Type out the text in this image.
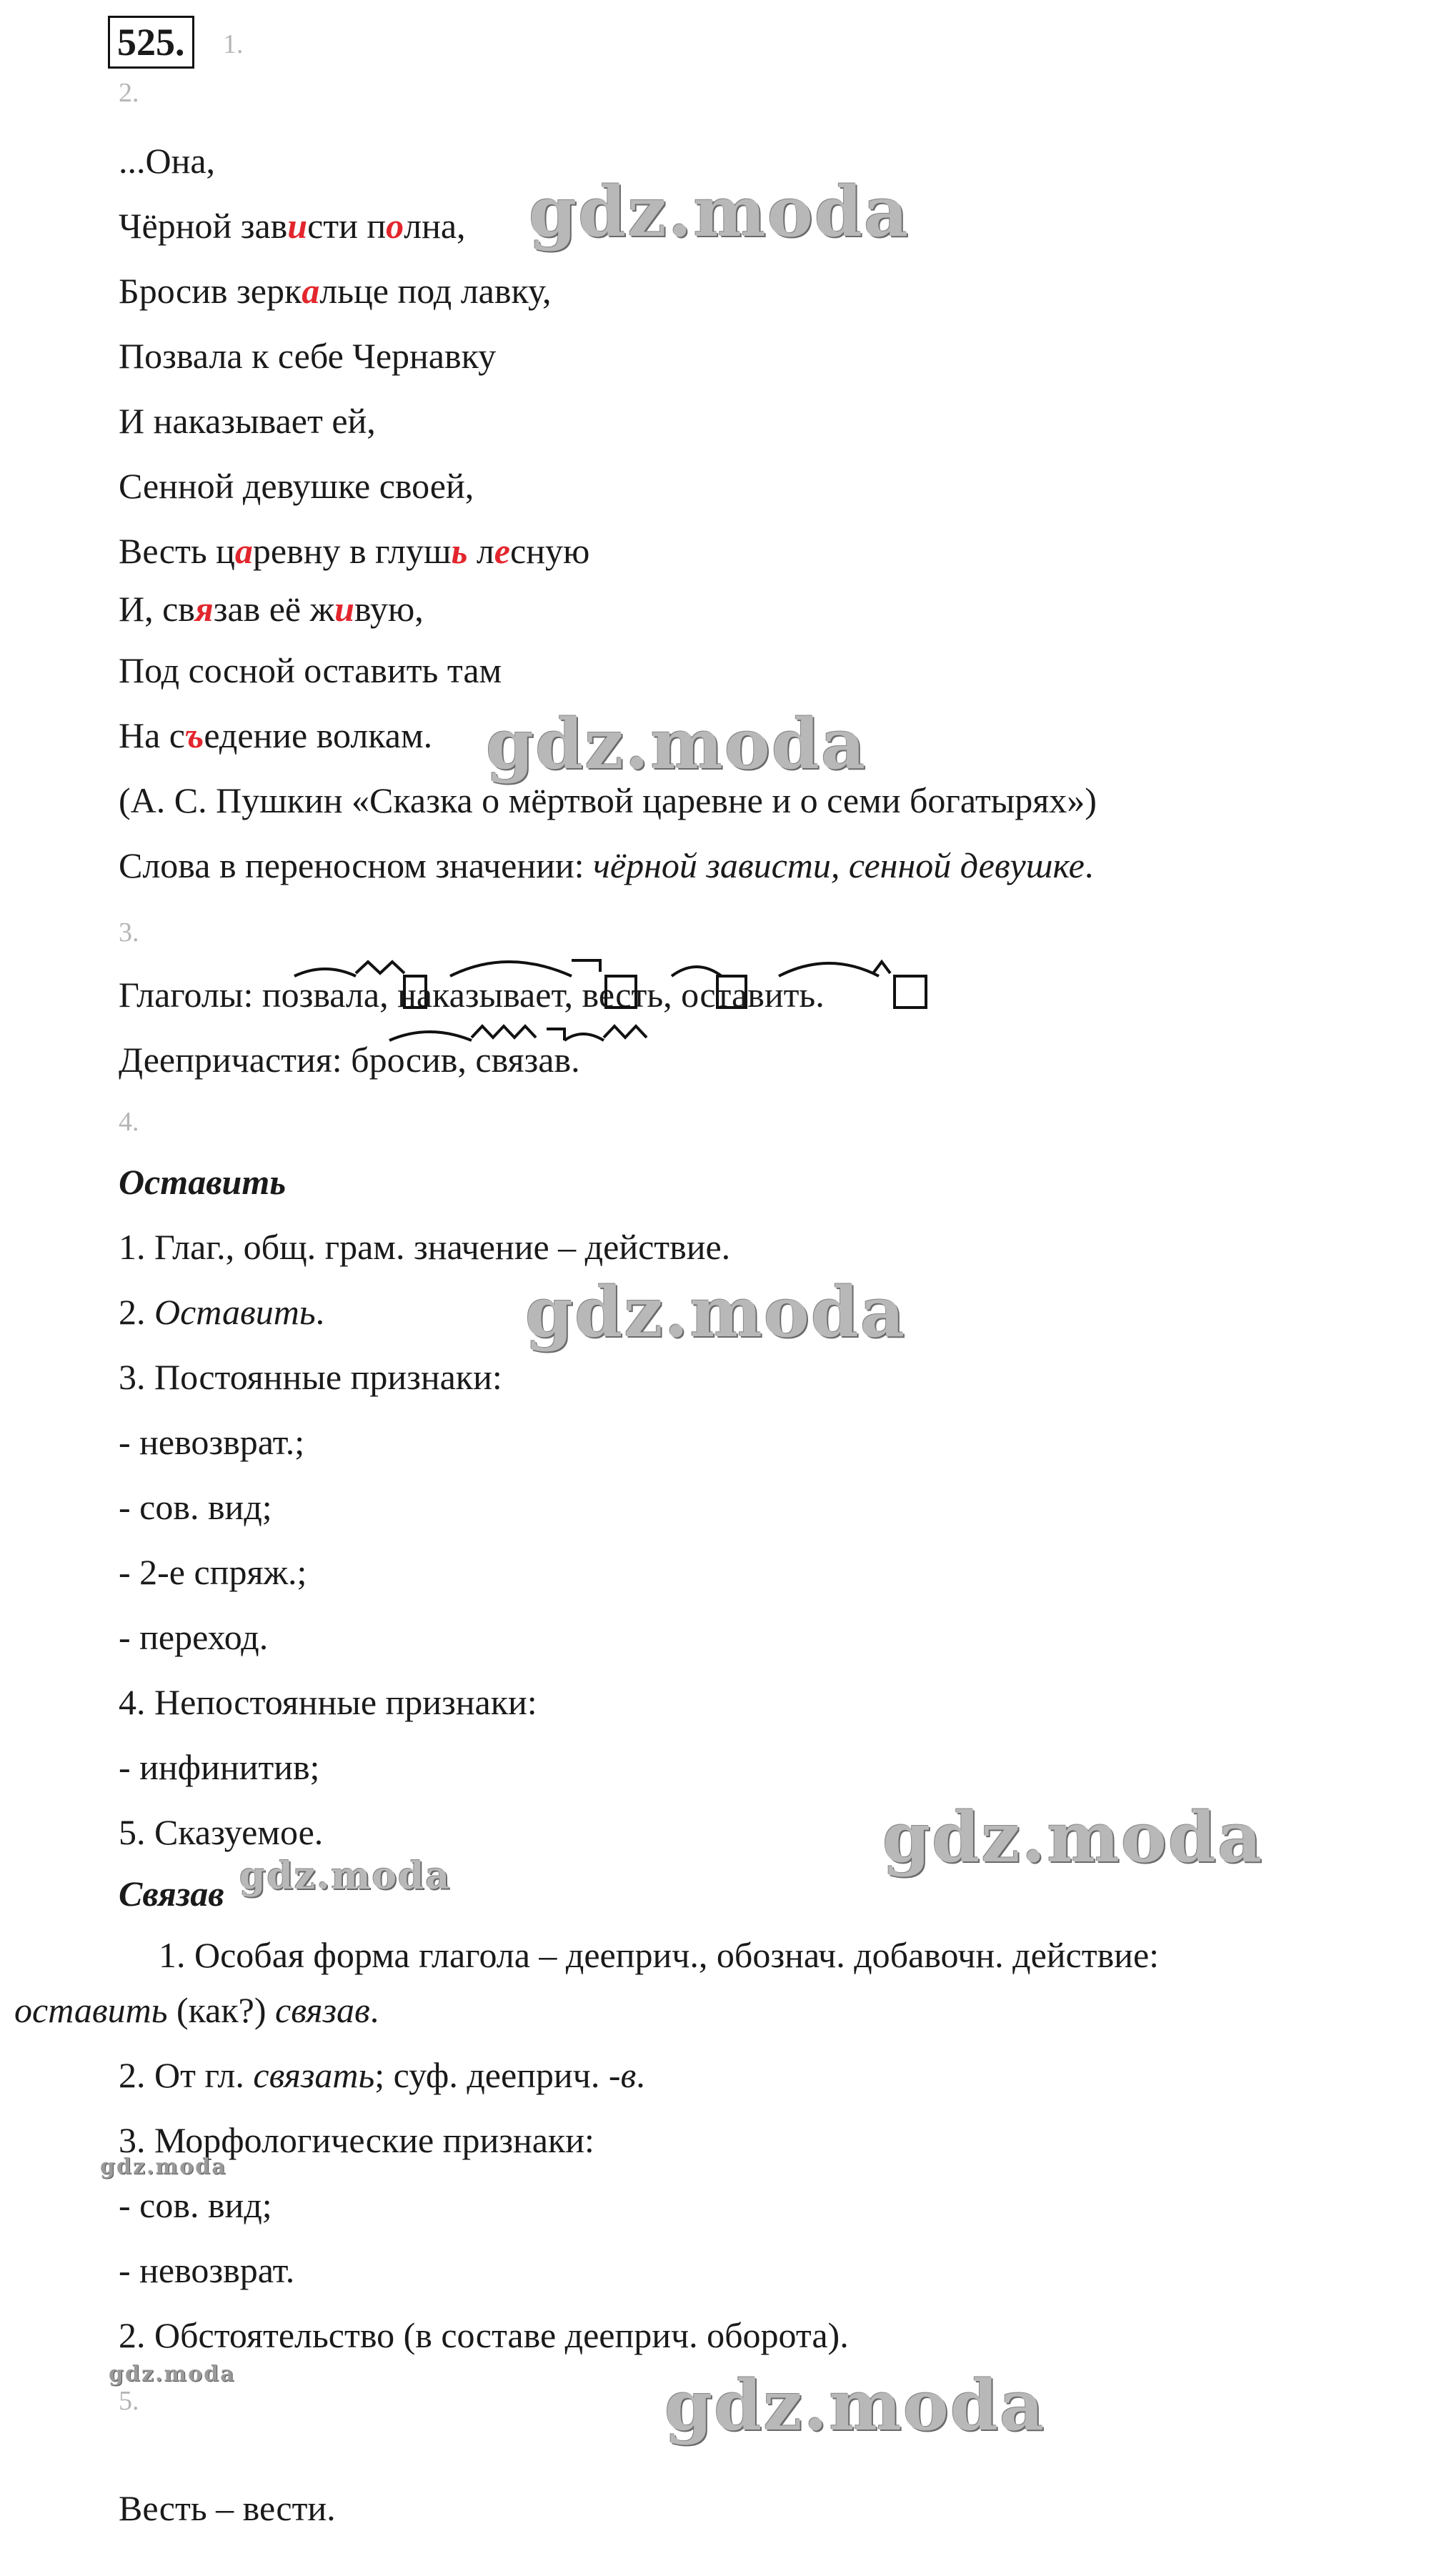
525.	1.
2.
...Она,
Чёрной зависти полна,
Бросив зеркальце под лавку,
Позвала к себе Чернавку
И наказывает ей,
Сенной девушке своей,
Весть царевну в глушь лесную
И, связав её живую,
Под сосной оставить там
На съедение волкам.
(А. С. Пушкин «Сказка о мёртвой царевне и о семи богатырях»)
Слова в переносном значении: чёрной зависти, сенной девушке.
3.
Глаголы: позвала, наказывает, весть, оставить.
Деепричастия: бросив, связав.
4.
Оставить
1. Глаг., общ. грам. значение – действие.
2. Оставить.
3. Постоянные признаки:
- невозврат.;
- сов. вид;
- 2-е спряж.;
- переход.
4. Непостоянные признаки:
- инфинитив;
5. Сказуемое.
Связав
1. Особая форма глагола – дееприч., обознач. добавочн. действие:
оставить (как?) связав.
2. От гл. связать; суф. дееприч. -в.
3. Морфологические признаки:
- сов. вид;
- невозврат.
2. Обстоятельство (в составе дееприч. оборота).
5.
Весть – вести.
gdz.moda
gdz.moda
gdz.moda
gdz.moda
gdz.moda
gdz.moda
gdz.moda	gdz.moda
